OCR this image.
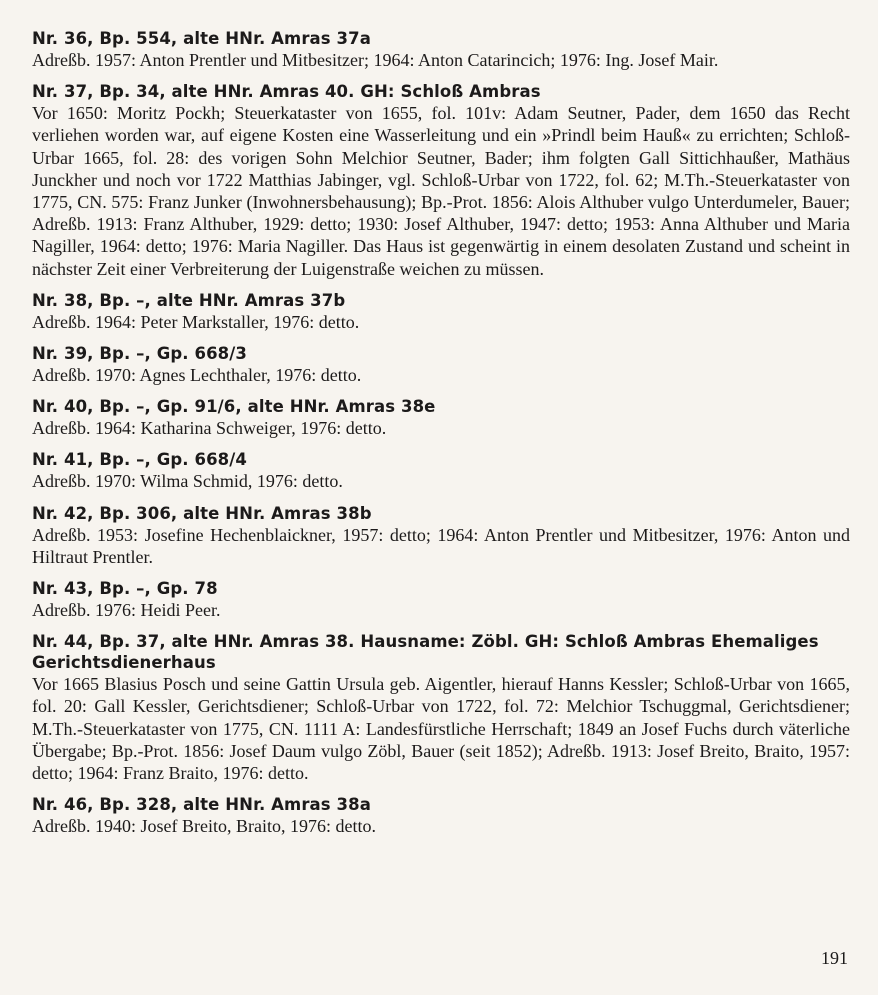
Nr. 36, Bp. 554, alte HNr. Amras 37a

Adreßb. 1957: Anton Prentler und Mitbesitzer; 1964: Anton Catarincich; 1976: Ing. Josef Mair.

Nr. 37, Bp. 34, alte HNr. Amras 40. GH: Schloß Ambras

Vor 1650: Moritz Pockh; Steuerkataster von 1655, fol. 101v: Adam Seutner, Pader, dem 1650 das Recht verliehen worden war, auf eigene Kosten eine Wasserleitung und ein »Prindl beim Hauß« zu errichten; Schloß-Urbar 1665, fol. 28: des vorigen Sohn Melchior Seutner, Bader; ihm folgten Gall Sittichhaußer, Mathäus Junckher und noch vor 1722 Matthias Jabinger, vgl. Schloß-Urbar von 1722, fol. 62; M.Th.-Steuerkataster von 1775, CN. 575: Franz Junker (Inwohnersbehausung); Bp.-Prot. 1856: Alois Althuber vulgo Unterdumeler, Bauer; Adreßb. 1913: Franz Althuber, 1929: detto; 1930: Josef Althuber, 1947: detto; 1953: Anna Althuber und Maria Nagiller, 1964: detto; 1976: Maria Nagiller. Das Haus ist gegenwärtig in einem desolaten Zustand und scheint in nächster Zeit einer Verbreiterung der Luigenstraße weichen zu müssen.

Nr. 38, Bp. –, alte HNr. Amras 37b

Adreßb. 1964: Peter Markstaller, 1976: detto.

Nr. 39, Bp. –, Gp. 668/3

Adreßb. 1970: Agnes Lechthaler, 1976: detto.

Nr. 40, Bp. –, Gp. 91/6, alte HNr. Amras 38e

Adreßb. 1964: Katharina Schweiger, 1976: detto.

Nr. 41, Bp. –, Gp. 668/4

Adreßb. 1970: Wilma Schmid, 1976: detto.

Nr. 42, Bp. 306, alte HNr. Amras 38b

Adreßb. 1953: Josefine Hechenblaickner, 1957: detto; 1964: Anton Prentler und Mitbesitzer, 1976: Anton und Hiltraut Prentler.

Nr. 43, Bp. –, Gp. 78

Adreßb. 1976: Heidi Peer.

Nr. 44, Bp. 37, alte HNr. Amras 38. Hausname: Zöbl. GH: Schloß Ambras Ehemaliges Gerichtsdienerhaus

Vor 1665 Blasius Posch und seine Gattin Ursula geb. Aigentler, hierauf Hanns Kessler; Schloß-Urbar von 1665, fol. 20: Gall Kessler, Gerichtsdiener; Schloß-Urbar von 1722, fol. 72: Melchior Tschuggmal, Gerichtsdiener; M.Th.-Steuerkataster von 1775, CN. 1111 A: Landesfürstliche Herrschaft; 1849 an Josef Fuchs durch väterliche Übergabe; Bp.-Prot. 1856: Josef Daum vulgo Zöbl, Bauer (seit 1852); Adreßb. 1913: Josef Breito, Braito, 1957: detto; 1964: Franz Braito, 1976: detto.

Nr. 46, Bp. 328, alte HNr. Amras 38a

Adreßb. 1940: Josef Breito, Braito, 1976: detto.

191
